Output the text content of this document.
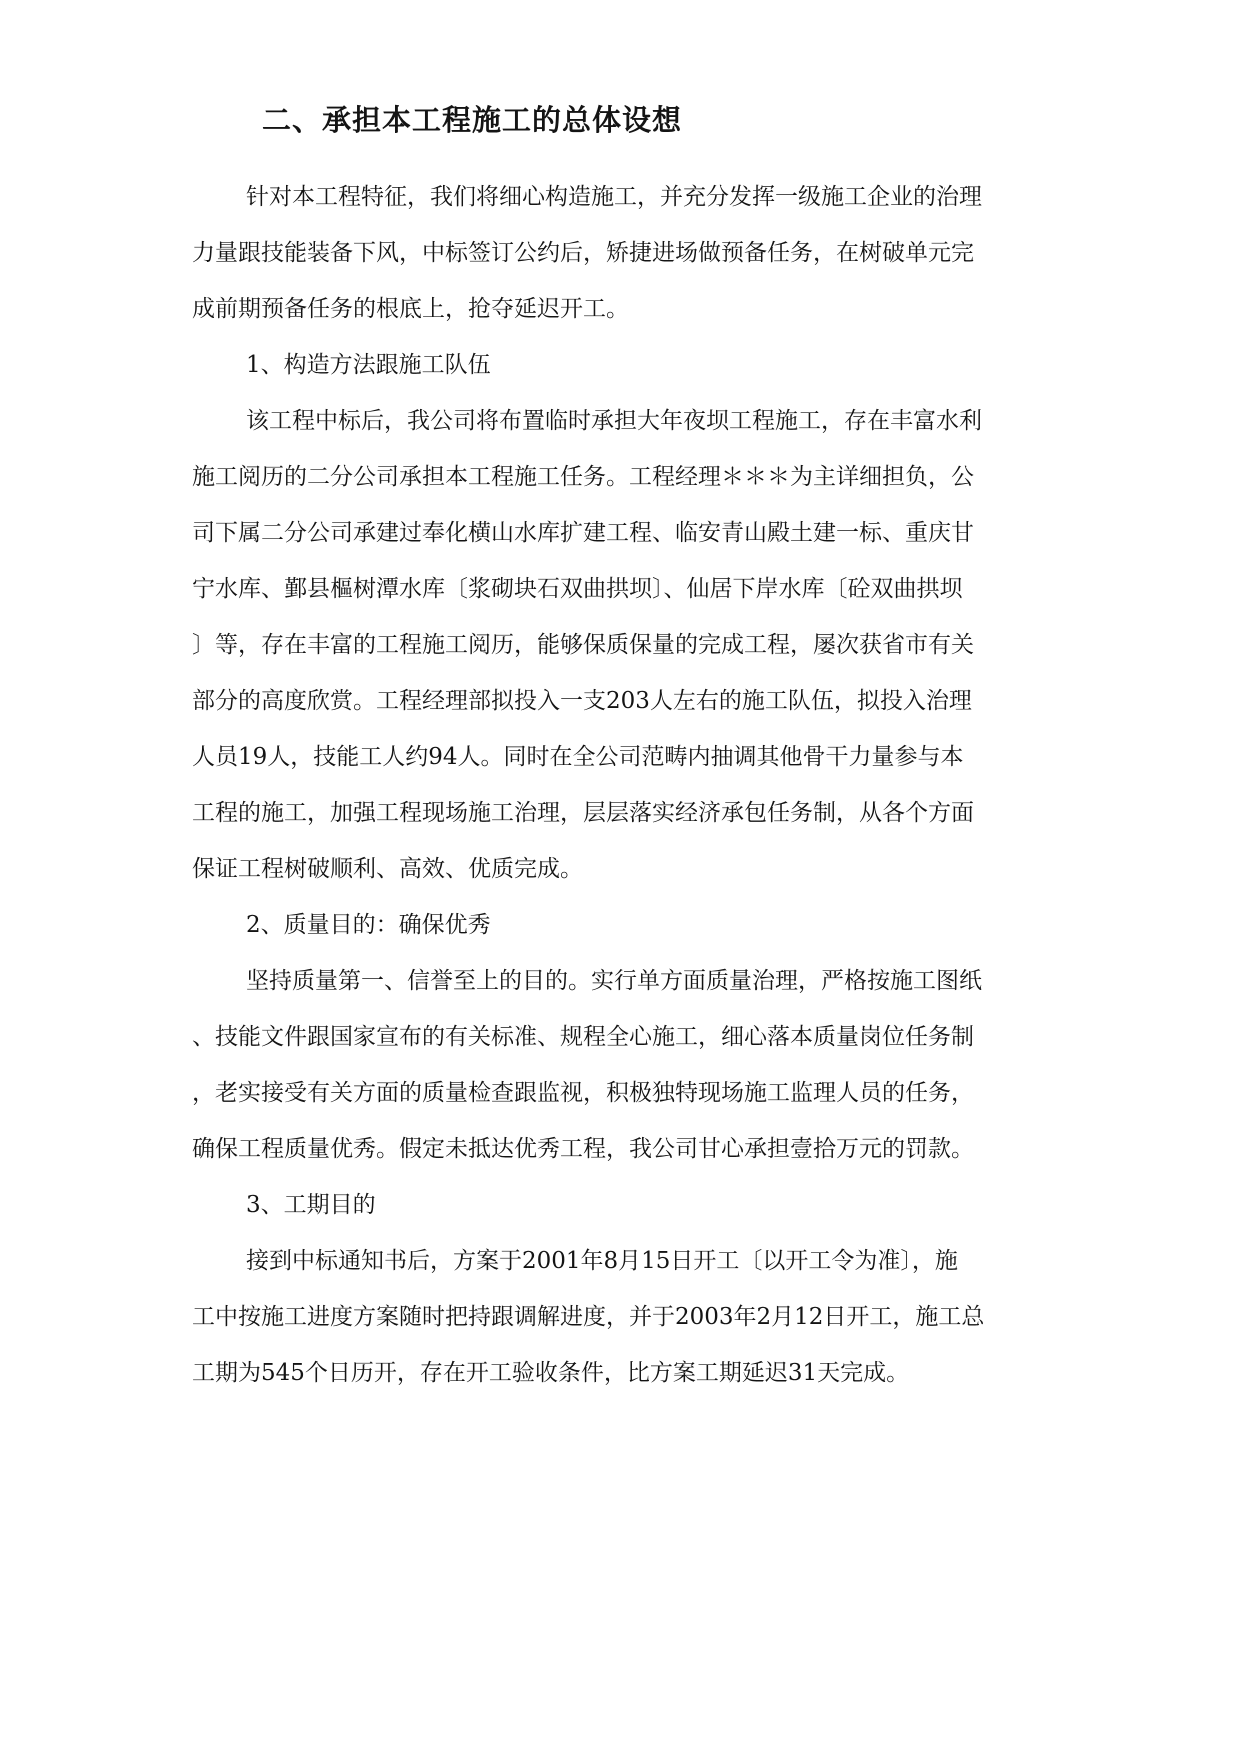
二、承担本工程施工的总体设想
针对本工程特征，我们将细心构造施工，并充分发挥一级施工企业的治理
力量跟技能装备下风，中标签订公约后，矫捷进场做预备任务，在树破单元完
成前期预备任务的根底上，抢夺延迟开工。
1、构造方法跟施工队伍
该工程中标后，我公司将布置临时承担大年夜坝工程施工，存在丰富水利
施工阅历的二分公司承担本工程施工任务。工程经理＊＊＊为主详细担负，公
司下属二分公司承建过奉化横山水库扩建工程、临安青山殿土建一标、重庆甘
宁水库、鄞县樞树潭水库〔浆砌块石双曲拱坝〕、仙居下岸水库〔砼双曲拱坝
〕等，存在丰富的工程施工阅历，能够保质保量的完成工程，屡次获省市有关
部分的高度欣赏。工程经理部拟投入一支203人左右的施工队伍，拟投入治理
人员19人，技能工人约94人。同时在全公司范畴内抽调其他骨干力量参与本
工程的施工，加强工程现场施工治理，层层落实经济承包任务制，从各个方面
保证工程树破顺利、高效、优质完成。
2、质量目的：确保优秀
坚持质量第一、信誉至上的目的。实行单方面质量治理，严格按施工图纸
、技能文件跟国家宣布的有关标准、规程全心施工，细心落本质量岗位任务制
，老实接受有关方面的质量检查跟监视，积极独特现场施工监理人员的任务，
确保工程质量优秀。假定未抵达优秀工程，我公司甘心承担壹拾万元的罚款。
3、工期目的
接到中标通知书后，方案于2001年8月15日开工〔以开工令为准〕，施
工中按施工进度方案随时把持跟调解进度，并于2003年2月12日开工，施工总
工期为545个日历开，存在开工验收条件，比方案工期延迟31天完成。
